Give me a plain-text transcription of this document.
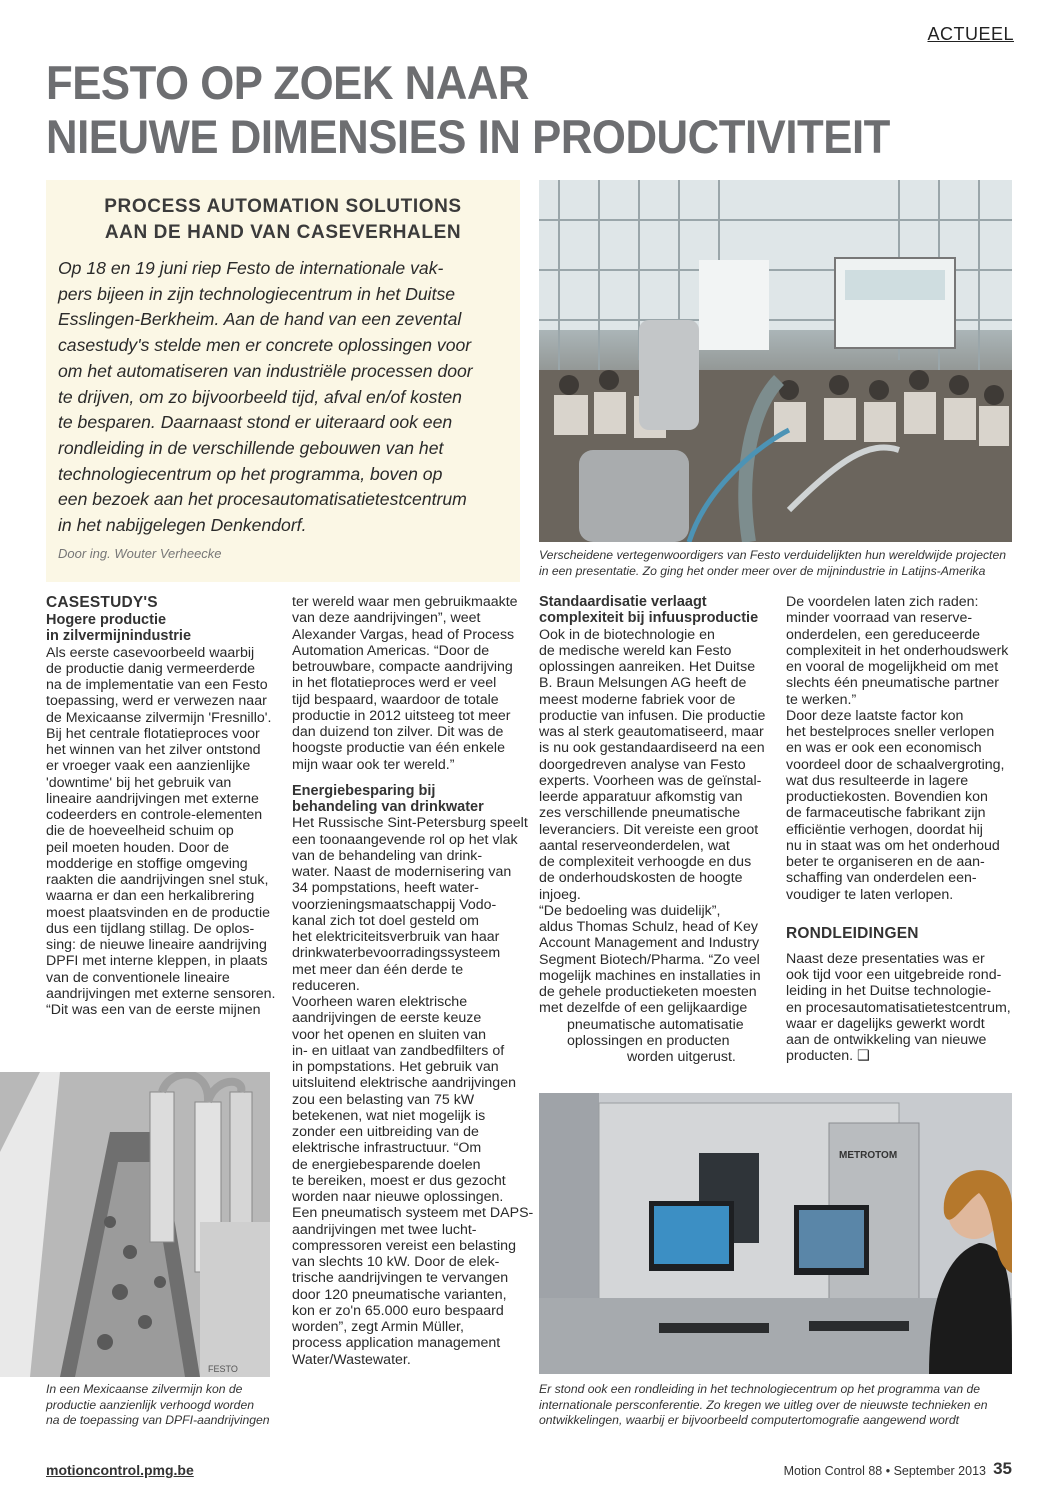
ACTUEEL
FESTO OP ZOEK NAAR
NIEUWE DIMENSIES IN PRODUCTIVITEIT
PROCESS AUTOMATION SOLUTIONS
AAN DE HAND VAN CASEVERHALEN

Op 18 en 19 juni riep Festo de internationale vak-
pers bijeen in zijn technologiecentrum in het Duitse
Esslingen-Berkheim. Aan de hand van een zevental
casestudy's stelde men er concrete oplossingen voor
om het automatiseren van industriële processen door
te drijven, om zo bijvoorbeeld tijd, afval en/of kosten
te besparen. Daarnaast stond er uiteraard ook een
rondleiding in de verschillende gebouwen van het
technologiecentrum op het programma, boven op
een bezoek aan het procesautomatisatietestcentrum
in het nabijgelegen Denkendorf.

Door ing. Wouter Verheecke	Verscheidene vertegenwoordigers van Festo verduidelijkten hun wereldwijde projecten
in een presentatie. Zo ging het onder meer over de mijnindustrie in Latijns-Amerika
CASESTUDY'S
Hogere productie
in zilvermijnindustrie
Als eerste casevoorbeeld waarbij
de productie danig vermeerderde
na de implementatie van een Festo
toepassing, werd er verwezen naar
de Mexicaanse zilvermijn 'Fresnillo'.
Bij het centrale flotatieproces voor
het winnen van het zilver ontstond
er vroeger vaak een aanzienlijke
'downtime' bij het gebruik van
lineaire aandrijvingen met externe
codeerders en controle-elementen
die de hoeveelheid schuim op
peil moeten houden. Door de
modderige en stoffige omgeving
raakten die aandrijvingen snel stuk,
waarna er dan een herkalibrering
moest plaatsvinden en de productie
dus een tijdlang stillag. De oplos-
sing: de nieuwe lineaire aandrijving
DPFI met interne kleppen, in plaats
van de conventionele lineaire
aandrijvingen met externe sensoren.
“Dit was een van de eerste mijnen
FESTO
In een Mexicaanse zilvermijn kon de
productie aanzienlijk verhoogd worden
na de toepassing van DPFI-aandrijvingen
ter wereld waar men gebruikmaakte
van deze aandrijvingen”, weet
Alexander Vargas, head of Process
Automation Americas. “Door de
betrouwbare, compacte aandrijving
in het flotatieproces werd er veel
tijd bespaard, waardoor de totale
productie in 2012 uitsteeg tot meer
dan duizend ton zilver. Dit was de
hoogste productie van één enkele
mijn waar ook ter wereld.”
Energiebesparing bij
behandeling van drinkwater
Het Russische Sint-Petersburg speelt
een toonaangevende rol op het vlak
van de behandeling van drink-
water. Naast de modernisering van
34 pompstations, heeft water-
voorzieningsmaatschappij Vodo-
kanal zich tot doel gesteld om
het elektriciteitsverbruik van haar
drinkwaterbevoorradingssysteem
met meer dan één derde te
reduceren.
Voorheen waren elektrische
aandrijvingen de eerste keuze
voor het openen en sluiten van
in- en uitlaat van zandbedfilters of
in pompstations. Het gebruik van
uitsluitend elektrische aandrijvingen
zou een belasting van 75 kW
betekenen, wat niet mogelijk is
zonder een uitbreiding van de
elektrische infrastructuur. “Om
de energiebesparende doelen
te bereiken, moest er dus gezocht
worden naar nieuwe oplossingen.
Een pneumatisch systeem met DAPS-
aandrijvingen met twee lucht-
compressoren vereist een belasting
van slechts 10 kW. Door de elek-
trische aandrijvingen te vervangen
door 120 pneumatische varianten,
kon er zo'n 65.000 euro bespaard
worden”, zegt Armin Müller,
process application management
Water/Wastewater.
Standaardisatie verlaagt
complexiteit bij infuusproductie
Ook in de biotechnologie en
de medische wereld kan Festo
oplossingen aanreiken. Het Duitse
B. Braun Melsungen AG heeft de
meest moderne fabriek voor de
productie van infusen. Die productie
was al sterk geautomatiseerd, maar
is nu ook gestandaardiseerd na een
doorgedreven analyse van Festo
experts. Voorheen was de geïnstal-
leerde apparatuur afkomstig van
zes verschillende pneumatische
leveranciers. Dit vereiste een groot
aantal reserveonderdelen, wat
de complexiteit verhoogde en dus
de onderhoudskosten de hoogte
injoeg.
“De bedoeling was duidelijk”,
aldus Thomas Schulz, head of Key
Account Management and Industry
Segment Biotech/Pharma. “Zo veel
mogelijk machines en installaties in
de gehele productieketen moesten
met dezelfde of een gelijkaardige
pneumatische automatisatie
oplossingen en producten
worden uitgerust.
De voordelen laten zich raden:
minder voorraad van reserve-
onderdelen, een gereduceerde
complexiteit in het onderhoudswerk
en vooral de mogelijkheid om met
slechts één pneumatische partner
te werken.”
Door deze laatste factor kon
het bestelproces sneller verlopen
en was er ook een economisch
voordeel door de schaalvergroting,
wat dus resulteerde in lagere
productiekosten. Bovendien kon
de farmaceutische fabrikant zijn
efficiëntie verhogen, doordat hij
nu in staat was om het onderhoud
beter te organiseren en de aan-
schaffing van onderdelen een-
voudiger te laten verlopen.
RONDLEIDINGEN
Naast deze presentaties was er
ook tijd voor een uitgebreide rond-
leiding in het Duitse technologie-
en procesautomatisatietestcentrum,
waar er dagelijks gewerkt wordt
aan de ontwikkeling van nieuwe
producten. ❑
METROTOM
Er stond ook een rondleiding in het technologiecentrum op het programma van de
internationale persconferentie. Zo kregen we uitleg over de nieuwste technieken en
ontwikkelingen, waarbij er bijvoorbeeld computertomografie aangewend wordt
motioncontrol.pmg.be	Motion Control 88 • September 2013 35
